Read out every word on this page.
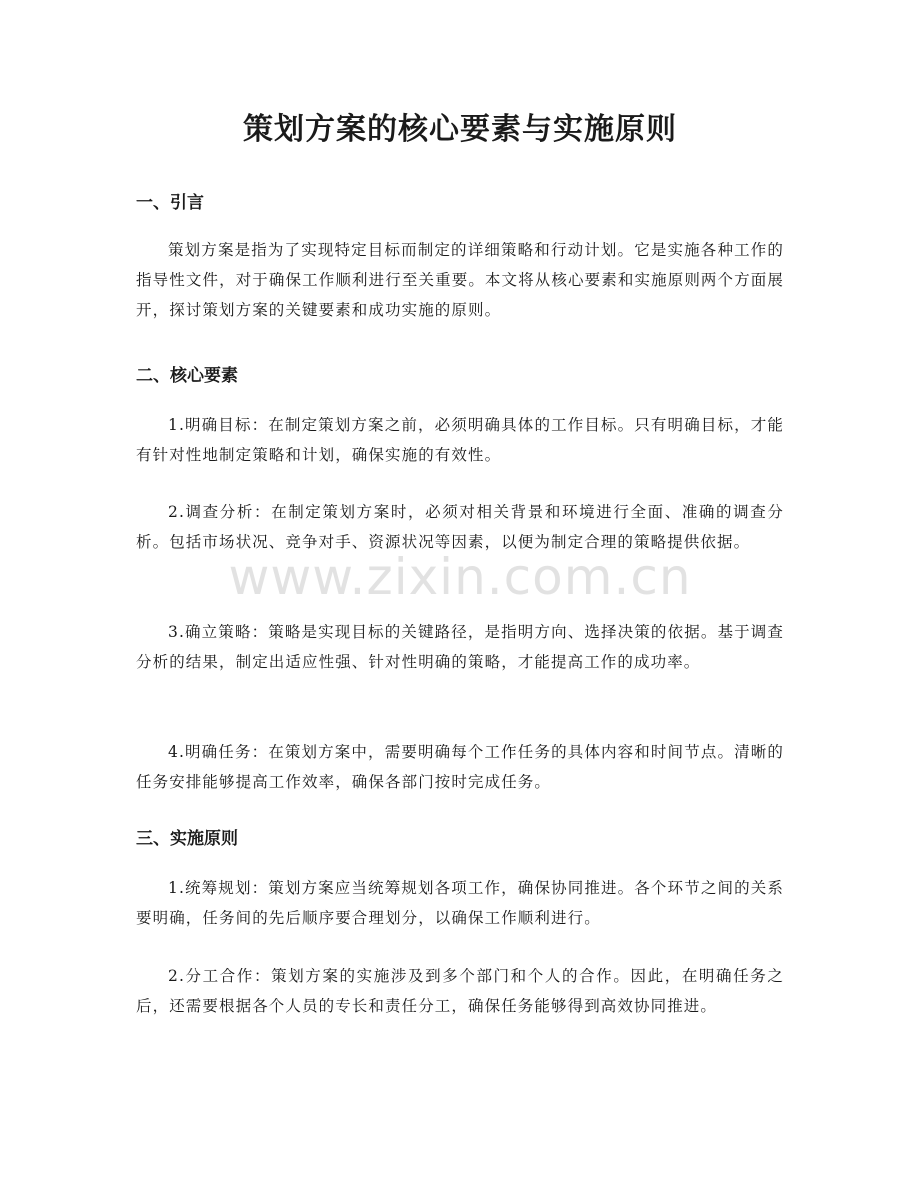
策划方案的核心要素与实施原则
一、引言

策划方案是指为了实现特定目标而制定的详细策略和行动计划。它是实施各种工作的指导性文件，对于确保工作顺利进行至关重要。本文将从核心要素和实施原则两个方面展开，探讨策划方案的关键要素和成功实施的原则。

二、核心要素

1.明确目标：在制定策划方案之前，必须明确具体的工作目标。只有明确目标，才能有针对性地制定策略和计划，确保实施的有效性。

2.调查分析：在制定策划方案时，必须对相关背景和环境进行全面、准确的调查分析。包括市场状况、竞争对手、资源状况等因素，以便为制定合理的策略提供依据。

3.确立策略：策略是实现目标的关键路径，是指明方向、选择决策的依据。基于调查分析的结果，制定出适应性强、针对性明确的策略，才能提高工作的成功率。

4.明确任务：在策划方案中，需要明确每个工作任务的具体内容和时间节点。清晰的任务安排能够提高工作效率，确保各部门按时完成任务。

三、实施原则

1.统筹规划：策划方案应当统筹规划各项工作，确保协同推进。各个环节之间的关系要明确，任务间的先后顺序要合理划分，以确保工作顺利进行。

2.分工合作：策划方案的实施涉及到多个部门和个人的合作。因此，在明确任务之后，还需要根据各个人员的专长和责任分工，确保任务能够得到高效协同推进。

www.zixin.com.cn
